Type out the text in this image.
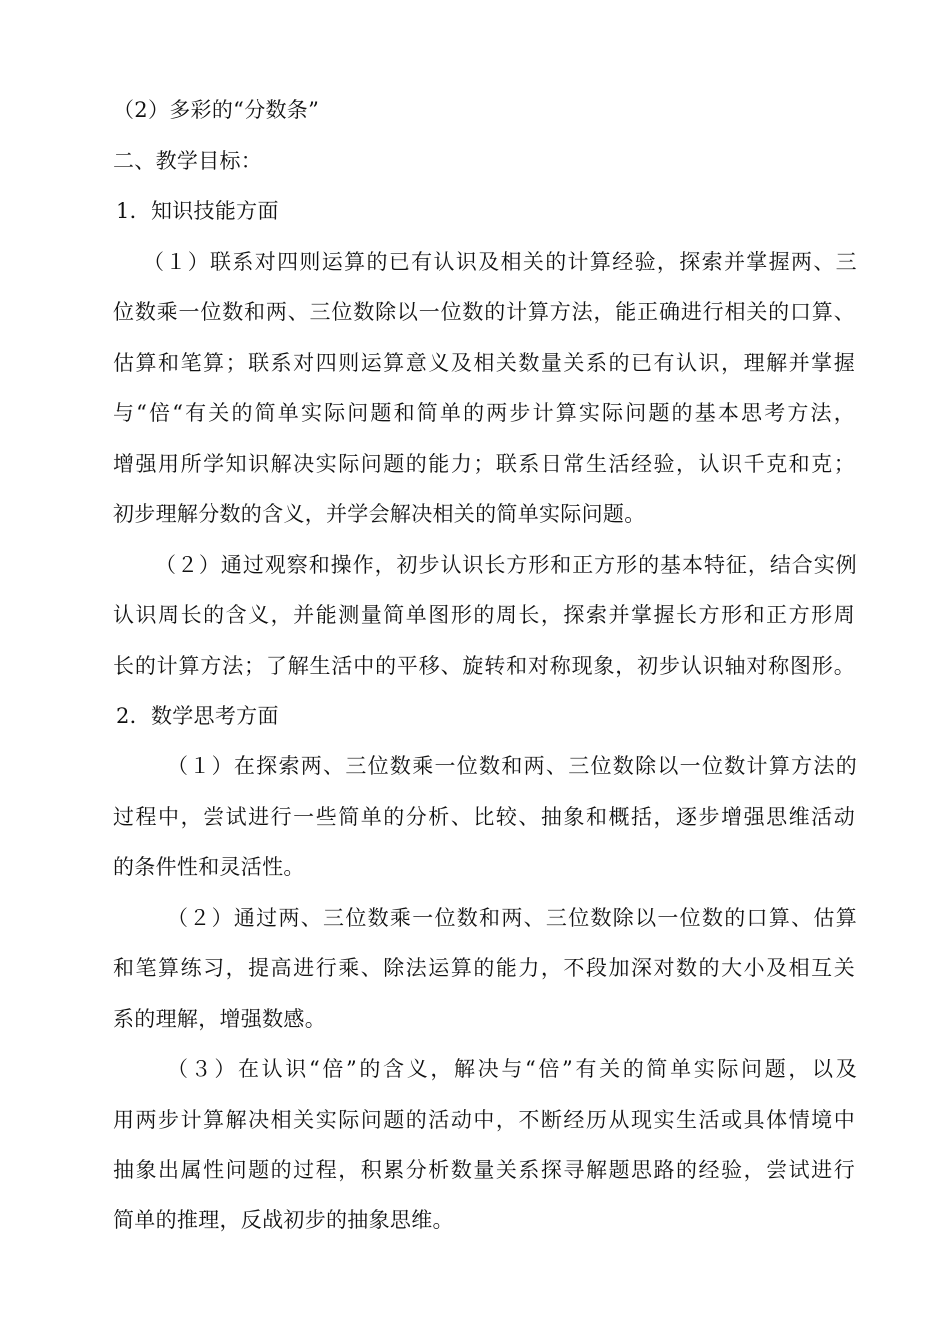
（2）多彩的“分数条”
二、教学目标：
1．知识技能方面
（１）联系对四则运算的已有认识及相关的计算经验，探索并掌握两、三
位数乘一位数和两、三位数除以一位数的计算方法，能正确进行相关的口算、
估算和笔算；联系对四则运算意义及相关数量关系的已有认识，理解并掌握
与“倍“有关的简单实际问题和简单的两步计算实际问题的基本思考方法，
增强用所学知识解决实际问题的能力；联系日常生活经验，认识千克和克；
初步理解分数的含义，并学会解决相关的简单实际问题。
（２）通过观察和操作，初步认识长方形和正方形的基本特征，结合实例
认识周长的含义，并能测量简单图形的周长，探索并掌握长方形和正方形周
长的计算方法；了解生活中的平移、旋转和对称现象，初步认识轴对称图形。
2．数学思考方面
（１）在探索两、三位数乘一位数和两、三位数除以一位数计算方法的
过程中，尝试进行一些简单的分析、比较、抽象和概括，逐步增强思维活动
的条件性和灵活性。
（２）通过两、三位数乘一位数和两、三位数除以一位数的口算、估算
和笔算练习，提高进行乘、除法运算的能力，不段加深对数的大小及相互关
系的理解，增强数感。
（３）在认识“倍”的含义，解决与“倍”有关的简单实际问题，以及
用两步计算解决相关实际问题的活动中，不断经历从现实生活或具体情境中
抽象出属性问题的过程，积累分析数量关系探寻解题思路的经验，尝试进行
简单的推理，反战初步的抽象思维。
